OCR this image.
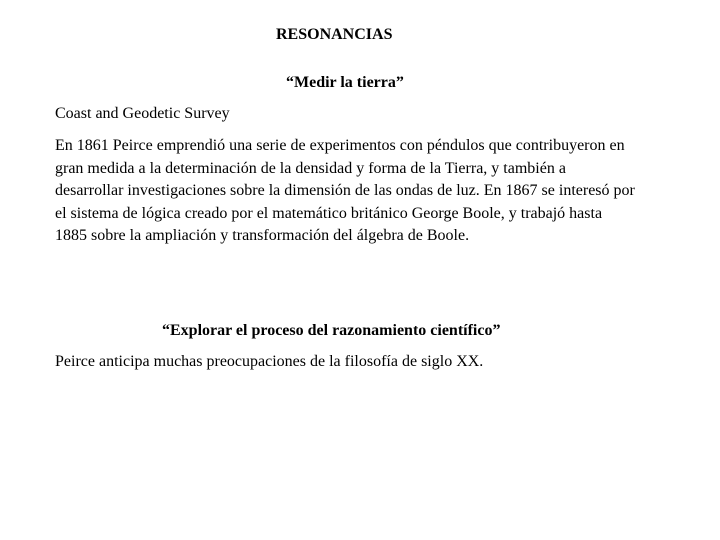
RESONANCIAS
“Medir la tierra”
Coast and Geodetic Survey

En 1861 Peirce emprendió una serie de experimentos con péndulos que contribuyeron en gran medida a la determinación de la densidad y forma de la Tierra, y también a desarrollar investigaciones sobre la dimensión de las ondas de luz. En 1867 se interesó por el sistema de lógica creado por el matemático británico George Boole, y trabajó hasta 1885 sobre la ampliación y transformación del álgebra de Boole.

“Explorar el proceso del razonamiento científico”

Peirce anticipa muchas preocupaciones de la filosofía de siglo XX.
